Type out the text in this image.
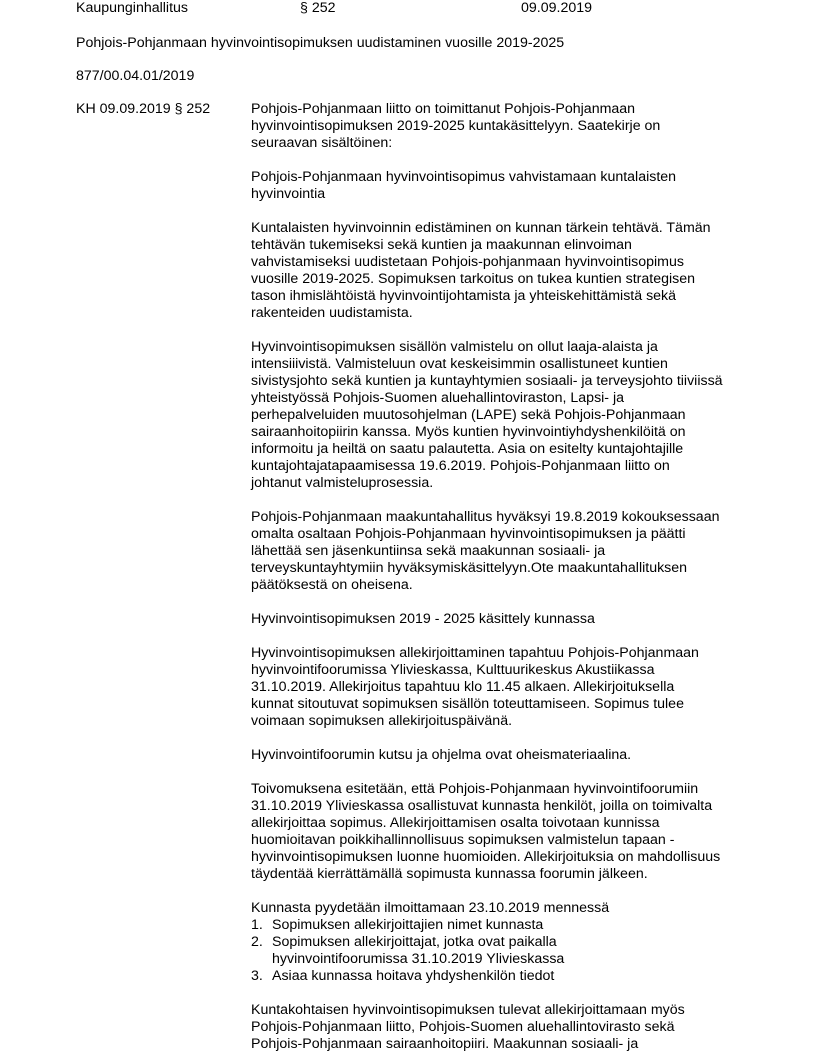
Kaupunginhallitus	§ 252	09.09.2019
Pohjois-Pohjanmaan hyvinvointisopimuksen uudistaminen vuosille 2019-2025
877/00.04.01/2019
KH 09.09.2019 § 252	Pohjois-Pohjanmaan liitto on toimittanut Pohjois-Pohjanmaan
hyvinvointisopimuksen 2019-2025 kuntakäsittelyyn. Saatekirje on
seuraavan sisältöinen:
Pohjois-Pohjanmaan hyvinvointisopimus vahvistamaan kuntalaisten
hyvinvointia
Kuntalaisten hyvinvoinnin edistäminen on kunnan tärkein tehtävä. Tämän
tehtävän tukemiseksi sekä kuntien ja maakunnan elinvoiman
vahvistamiseksi uudistetaan Pohjois-pohjanmaan hyvinvointisopimus
vuosille 2019-2025. Sopimuksen tarkoitus on tukea kuntien strategisen
tason ihmislähtöistä hyvinvointijohtamista ja yhteiskehittämistä sekä
rakenteiden uudistamista.
Hyvinvointisopimuksen sisällön valmistelu on ollut laaja-alaista ja
intensiiivistä. Valmisteluun ovat keskeisimmin osallistuneet kuntien
sivistysjohto sekä kuntien ja kuntayhtymien sosiaali- ja terveysjohto tiiviissä
yhteistyössä Pohjois-Suomen aluehallintoviraston, Lapsi- ja
perhepalveluiden muutosohjelman (LAPE) sekä Pohjois-Pohjanmaan
sairaanhoitopiirin kanssa. Myös kuntien hyvinvointiyhdyshenkilöitä on
informoitu ja heiltä on saatu palautetta. Asia on esitelty kuntajohtajille
kuntajohtajatapaamisessa 19.6.2019. Pohjois-Pohjanmaan liitto on
johtanut valmisteluprosessia.
Pohjois-Pohjanmaan maakuntahallitus hyväksyi 19.8.2019 kokouksessaan
omalta osaltaan Pohjois-Pohjanmaan hyvinvointisopimuksen ja päätti
lähettää sen jäsenkuntiinsa sekä maakunnan sosiaali- ja
terveyskuntayhtymiin hyväksymiskäsittelyyn.Ote maakuntahallituksen
päätöksestä on oheisena.
Hyvinvointisopimuksen 2019 - 2025 käsittely kunnassa
Hyvinvointisopimuksen allekirjoittaminen tapahtuu Pohjois-Pohjanmaan
hyvinvointifoorumissa Ylivieskassa, Kulttuurikeskus Akustiikassa
31.10.2019. Allekirjoitus tapahtuu klo 11.45 alkaen. Allekirjoituksella
kunnat sitoutuvat sopimuksen sisällön toteuttamiseen. Sopimus tulee
voimaan sopimuksen allekirjoituspäivänä.
Hyvinvointifoorumin kutsu ja ohjelma ovat oheismateriaalina.
Toivomuksena esitetään, että Pohjois-Pohjanmaan hyvinvointifoorumiin
31.10.2019 Ylivieskassa osallistuvat kunnasta henkilöt, joilla on toimivalta
allekirjoittaa sopimus. Allekirjoittamisen osalta toivotaan kunnissa
huomioitavan poikkihallinnollisuus sopimuksen valmistelun tapaan -
hyvinvointisopimuksen luonne huomioiden. Allekirjoituksia on mahdollisuus
täydentää kierrättämällä sopimusta kunnassa foorumin jälkeen.
Kunnasta pyydetään ilmoittamaan 23.10.2019 mennessä
1. Sopimuksen allekirjoittajien nimet kunnasta
2. Sopimuksen allekirjoittajat, jotka ovat paikalla
hyvinvointifoorumissa 31.10.2019 Ylivieskassa
3. Asiaa kunnassa hoitava yhdyshenkilön tiedot
Kuntakohtaisen hyvinvointisopimuksen tulevat allekirjoittamaan myös
Pohjois-Pohjanmaan liitto, Pohjois-Suomen aluehallintovirasto sekä
Pohjois-Pohjanmaan sairaanhoitopiiri. Maakunnan sosiaali- ja
